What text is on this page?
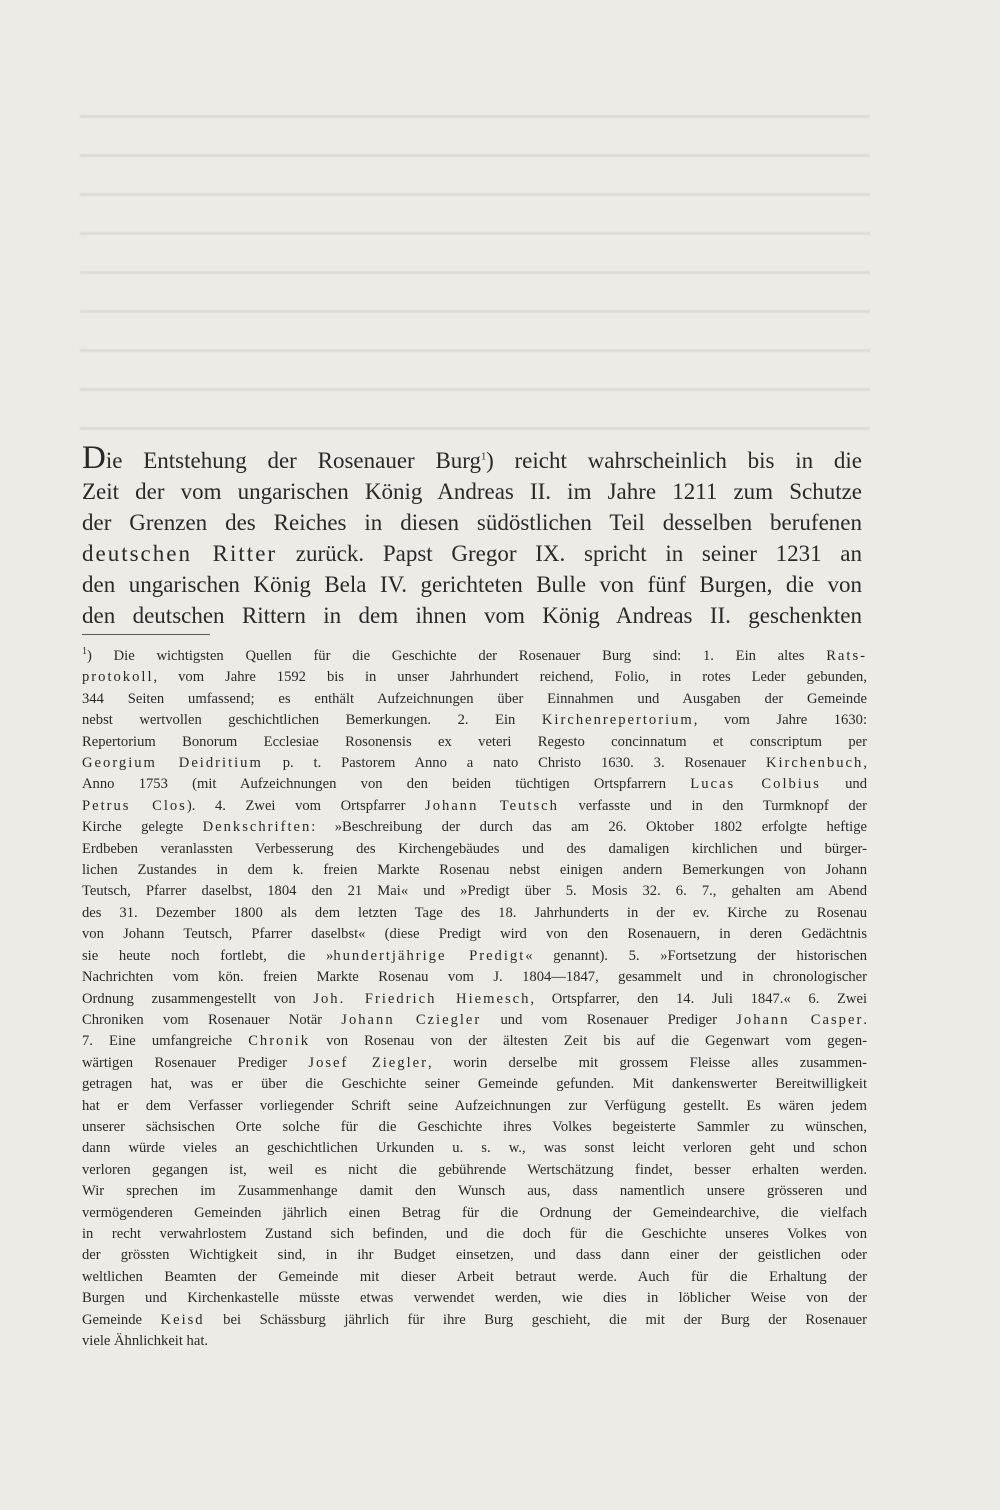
Die Entstehung der Rosenauer Burg$^1$) reicht wahrscheinlich bis in die
Zeit der vom ungarischen König Andreas II. im Jahre 1211 zum Schutze
der Grenzen des Reiches in diesen südöstlichen Teil desselben berufenen
deutschen Ritter zurück. Papst Gregor IX. spricht in seiner 1231 an
den ungarischen König Bela IV. gerichteten Bulle von fünf Burgen, die von
den deutschen Rittern in dem ihnen vom König Andreas II. geschenkten
$^1$) Die wichtigsten Quellen für die Geschichte der Rosenauer Burg sind: 1. Ein altes Rats-
protokoll, vom Jahre 1592 bis in unser Jahrhundert reichend, Folio, in rotes Leder gebunden,
344 Seiten umfassend; es enthält Aufzeichnungen über Einnahmen und Ausgaben der Gemeinde
nebst wertvollen geschichtlichen Bemerkungen. 2. Ein Kirchenrepertorium, vom Jahre 1630:
Repertorium Bonorum Ecclesiae Rosonensis ex veteri Regesto concinnatum et conscriptum per
Georgium Deidritium p. t. Pastorem Anno a nato Christo 1630. 3. Rosenauer Kirchenbuch,
Anno 1753 (mit Aufzeichnungen von den beiden tüchtigen Ortspfarrern Lucas Colbius und
Petrus Clos). 4. Zwei vom Ortspfarrer Johann Teutsch verfasste und in den Turmknopf der
Kirche gelegte Denkschriften: »Beschreibung der durch das am 26. Oktober 1802 erfolgte heftige
Erdbeben veranlassten Verbesserung des Kirchengebäudes und des damaligen kirchlichen und bürger-
lichen Zustandes in dem k. freien Markte Rosenau nebst einigen andern Bemerkungen von Johann
Teutsch, Pfarrer daselbst, 1804 den 21 Mai« und »Predigt über 5. Mosis 32. 6. 7., gehalten am Abend
des 31. Dezember 1800 als dem letzten Tage des 18. Jahrhunderts in der ev. Kirche zu Rosenau
von Johann Teutsch, Pfarrer daselbst« (diese Predigt wird von den Rosenauern, in deren Gedächtnis
sie heute noch fortlebt, die »hundertjährige Predigt« genannt). 5. »Fortsetzung der historischen
Nachrichten vom kön. freien Markte Rosenau vom J. 1804—1847, gesammelt und in chronologischer
Ordnung zusammengestellt von Joh. Friedrich Hiemesch, Ortspfarrer, den 14. Juli 1847.« 6. Zwei
Chroniken vom Rosenauer Notär Johann Cziegler und vom Rosenauer Prediger Johann Casper.
7. Eine umfangreiche Chronik von Rosenau von der ältesten Zeit bis auf die Gegenwart vom gegen-
wärtigen Rosenauer Prediger Josef Ziegler, worin derselbe mit grossem Fleisse alles zusammen-
getragen hat, was er über die Geschichte seiner Gemeinde gefunden. Mit dankenswerter Bereitwilligkeit
hat er dem Verfasser vorliegender Schrift seine Aufzeichnungen zur Verfügung gestellt. Es wären jedem
unserer sächsischen Orte solche für die Geschichte ihres Volkes begeisterte Sammler zu wünschen,
dann würde vieles an geschichtlichen Urkunden u. s. w., was sonst leicht verloren geht und schon
verloren gegangen ist, weil es nicht die gebührende Wertschätzung findet, besser erhalten werden.
Wir sprechen im Zusammenhange damit den Wunsch aus, dass namentlich unsere grösseren und
vermögenderen Gemeinden jährlich einen Betrag für die Ordnung der Gemeindearchive, die vielfach
in recht verwahrlostem Zustand sich befinden, und die doch für die Geschichte unseres Volkes von
der grössten Wichtigkeit sind, in ihr Budget einsetzen, und dass dann einer der geistlichen oder
weltlichen Beamten der Gemeinde mit dieser Arbeit betraut werde. Auch für die Erhaltung der
Burgen und Kirchenkastelle müsste etwas verwendet werden, wie dies in löblicher Weise von der
Gemeinde Keisd bei Schässburg jährlich für ihre Burg geschieht, die mit der Burg der Rosenauer
viele Ähnlichkeit hat.
